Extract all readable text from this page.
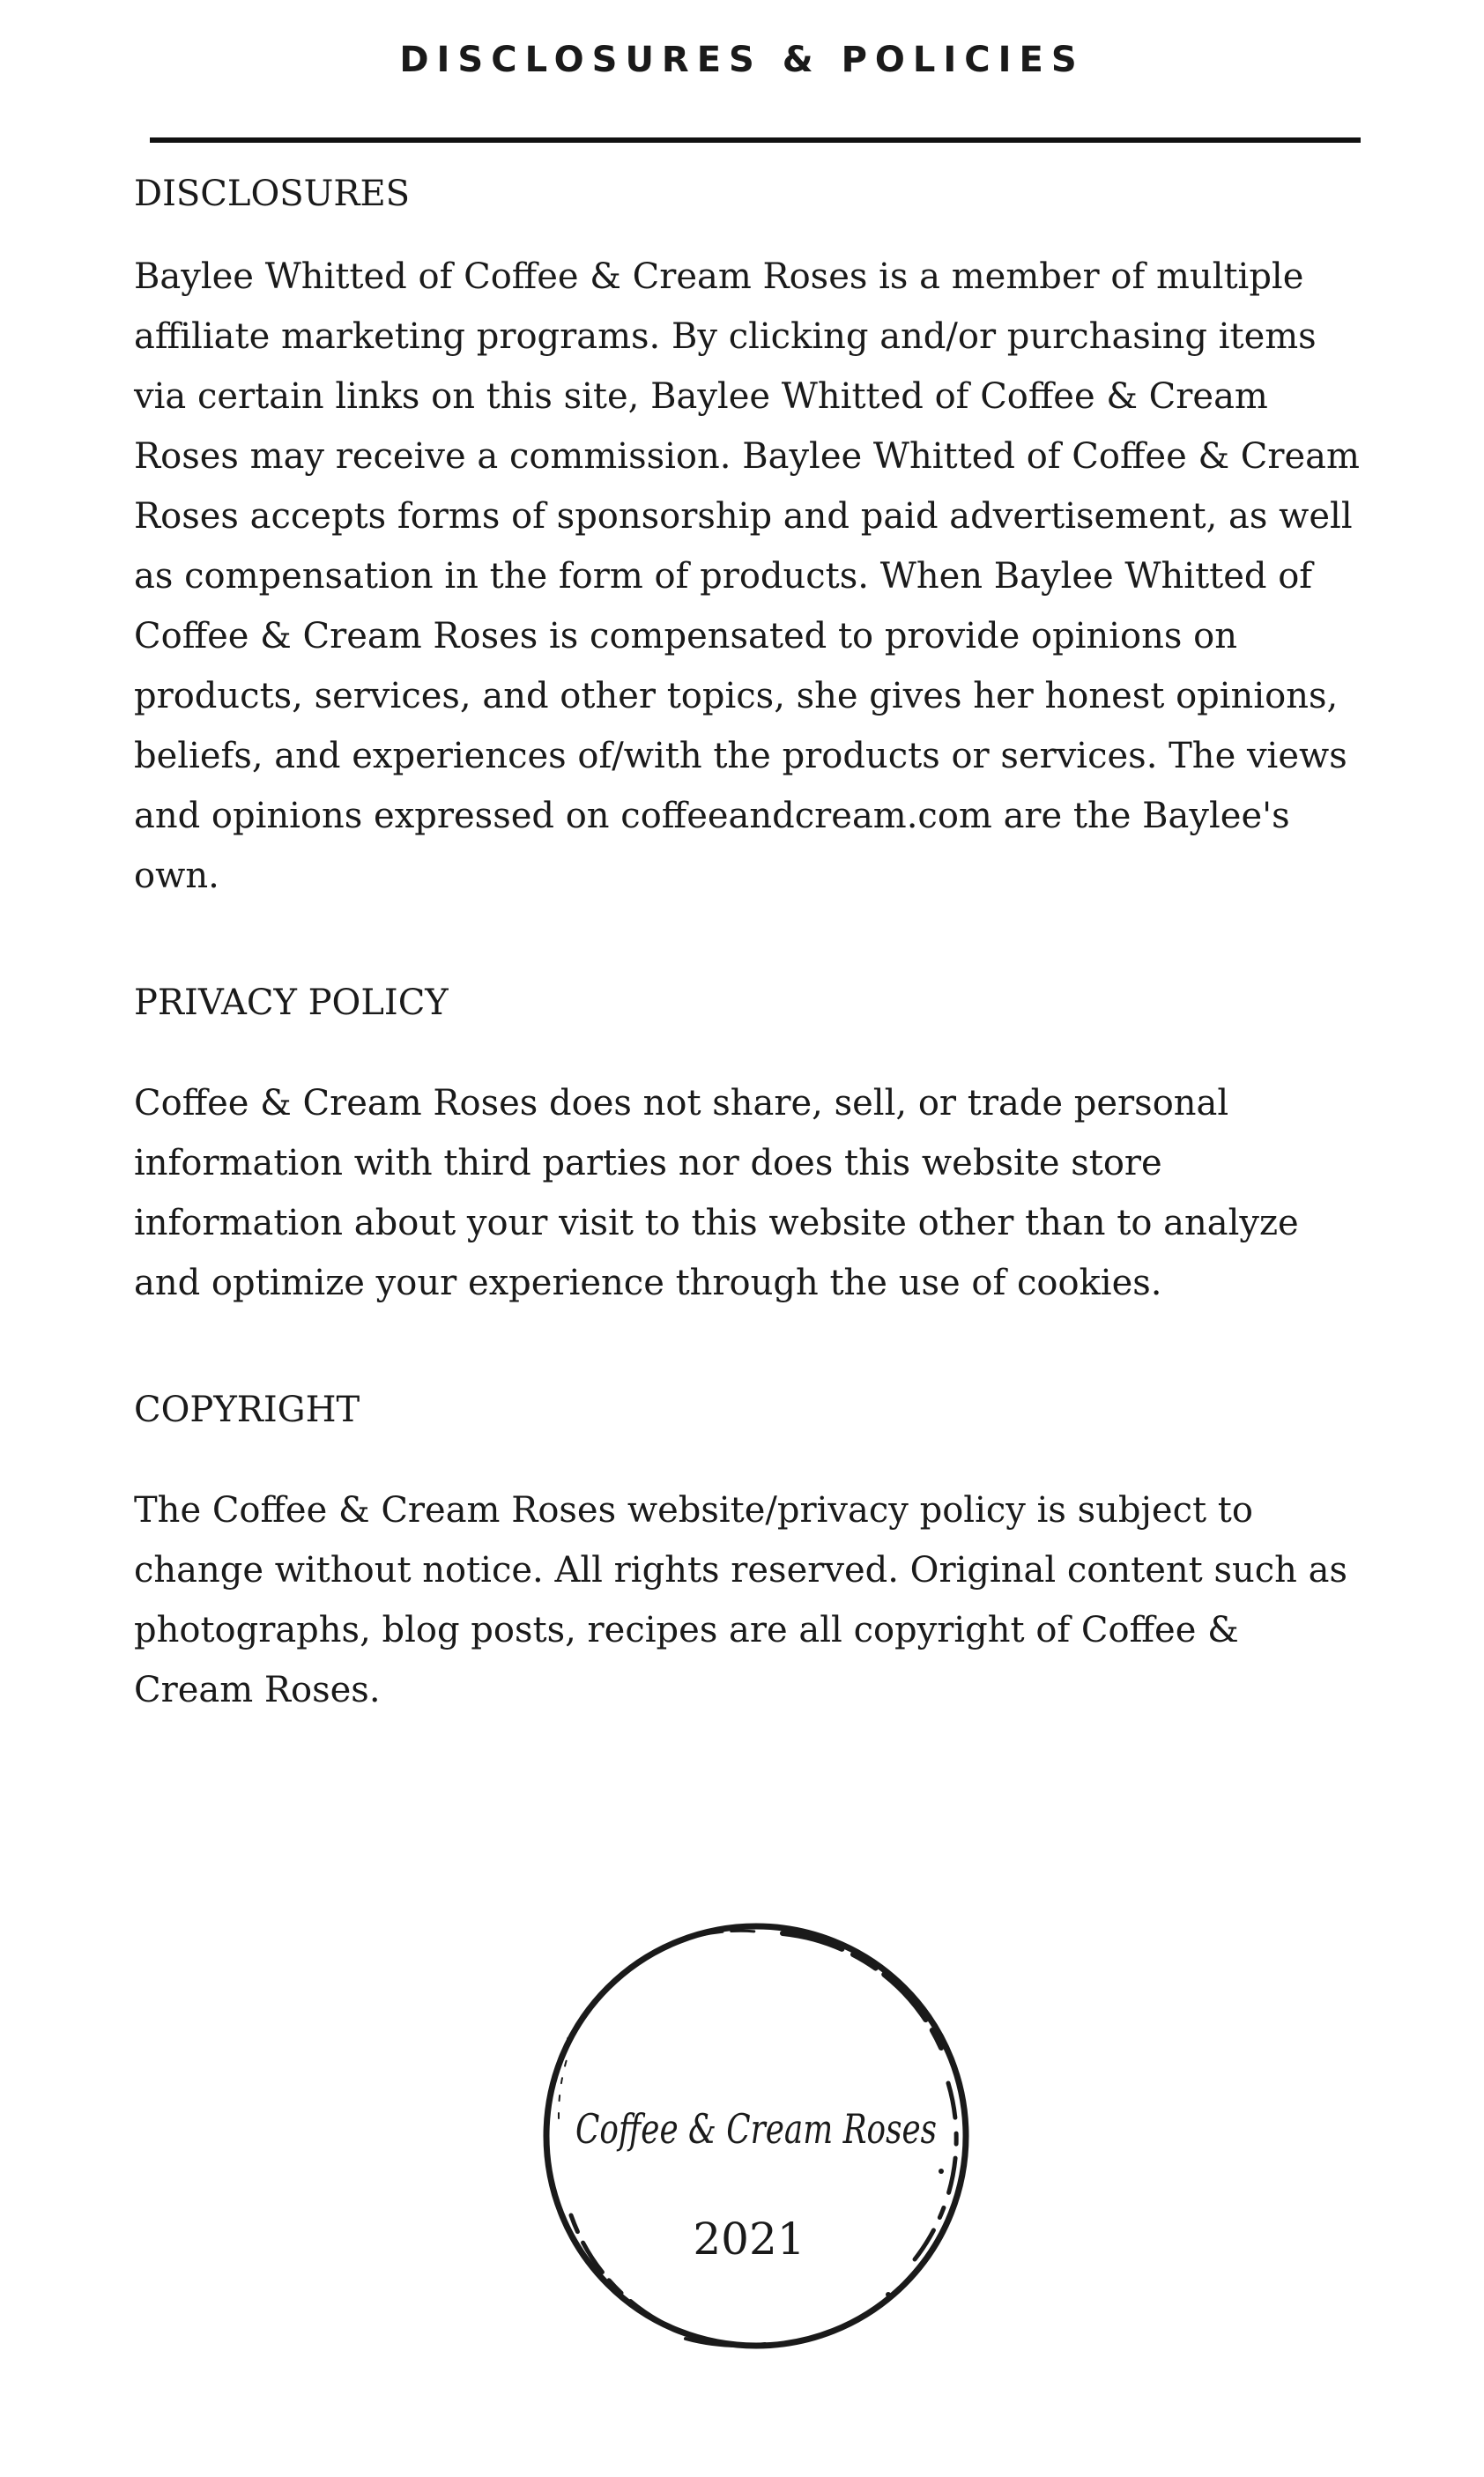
DISCLOSURES & POLICIES
DISCLOSURES

Baylee Whitted of Coffee & Cream Roses is a member of multiple affiliate marketing programs. By clicking and/or purchasing items via certain links on this site, Baylee Whitted of Coffee & Cream Roses may receive a commission. Baylee Whitted of Coffee & Cream Roses accepts forms of sponsorship and paid advertisement, as well as compensation in the form of products. When Baylee Whitted of Coffee & Cream Roses is compensated to provide opinions on products, services, and other topics, she gives her honest opinions, beliefs, and experiences of/with the products or services. The views and opinions expressed on coffeeandcream.com are the Baylee's own.

PRIVACY POLICY

Coffee & Cream Roses does not share, sell, or trade personal information with third parties nor does this website store information about your visit to this website other than to analyze and optimize your experience through the use of cookies.

COPYRIGHT

The Coffee & Cream Roses website/privacy policy is subject to change without notice. All rights reserved. Original content such as photographs, blog posts, recipes are all copyright of Coffee & Cream Roses.

Coffee & Cream Roses
2021
